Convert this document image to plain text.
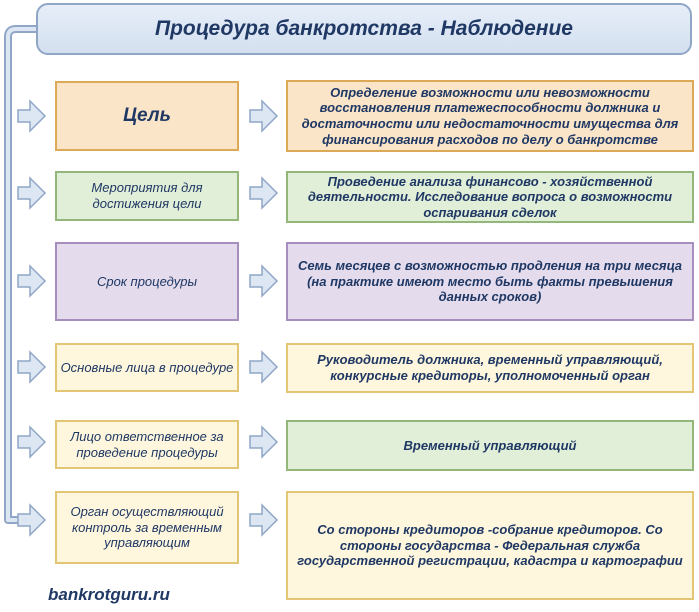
Процедура банкротства - Наблюдение
Цель
Определение возможности или невозможности восстановления платежеспособности должника и достаточности или недостаточности имущества для финансирования расходов по делу о банкротстве
Мероприятия для достижения цели
Проведение анализа финансово - хозяйственной деятельности. Исследование вопроса о возможности оспаривания сделок
Срок процедуры
Семь месяцев с возможностью продления на три месяца (на практике имеют место быть факты превышения данных сроков)
Основные лица в процедуре	Руководитель должника, временный управляющий, конкурсные кредиторы, уполномоченный орган
Лицо ответственное за проведение процедуры	Временный управляющий
Орган осуществляющий контроль за временным управляющим
Со стороны кредиторов -собрание кредиторов. Со стороны государства - Федеральная служба государственной регистрации, кадастра и картографии
bankrotguru.ru
